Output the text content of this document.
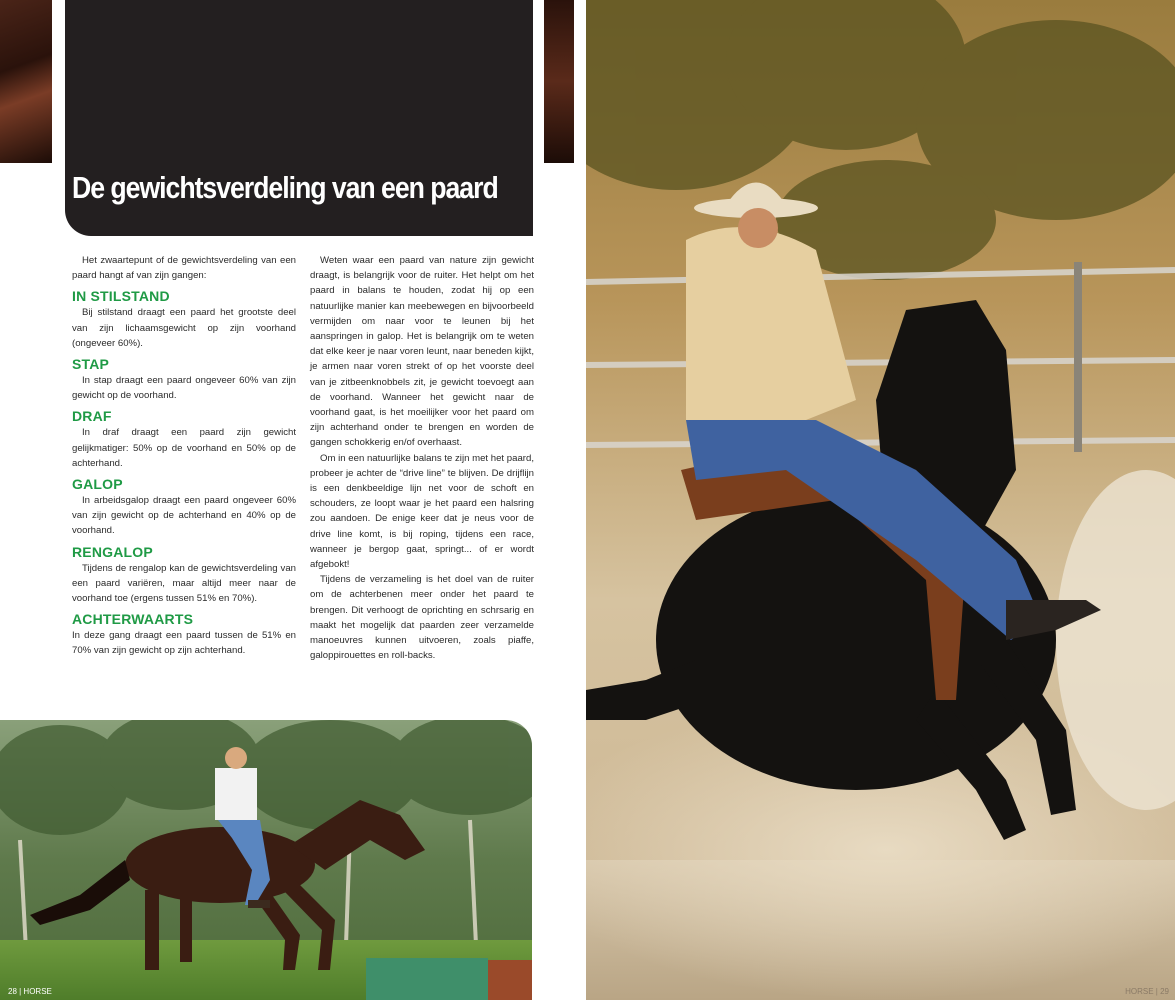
De gewichtsverdeling van een paard

Het zwaartepunt of de gewichtsverdeling van een paard hangt af van zijn gangen:

IN STILSTAND

Bij stilstand draagt een paard het grootste deel van zijn lichaamsgewicht op zijn voorhand (ongeveer 60%).

STAP

In stap draagt een paard ongeveer 60% van zijn gewicht op de voorhand.

DRAF

In draf draagt een paard zijn gewicht gelijkmatiger: 50% op de voorhand en 50% op de achterhand.

GALOP

In arbeidsgalop draagt een paard ongeveer 60% van zijn gewicht op de achterhand en 40% op de voorhand.

RENGALOP

Tijdens de rengalop kan de gewichtsverdeling van een paard variëren, maar altijd meer naar de voorhand toe (ergens tussen 51% en 70%).

ACHTERWAARTS

In deze gang draagt een paard tussen de 51% en 70% van zijn gewicht op zijn achterhand.

Weten waar een paard van nature zijn gewicht draagt, is belangrijk voor de ruiter. Het helpt om het paard in balans te houden, zodat hij op een natuurlijke manier kan meebewegen en bijvoorbeeld vermijden om naar voor te leunen bij het aanspringen in galop. Het is belangrijk om te weten dat elke keer je naar voren leunt, naar beneden kijkt, je armen naar voren strekt of op het voorste deel van je zitbeenknobbels zit, je gewicht toevoegt aan de voorhand. Wanneer het gewicht naar de voorhand gaat, is het moeilijker voor het paard om zijn achterhand onder te brengen en worden de gangen schokkerig en/of overhaast.

Om in een natuurlijke balans te zijn met het paard, probeer je achter de “drive line” te blijven. De drijflijn is een denkbeeldige lijn net voor de schoft en schouders, ze loopt waar je het paard een halsring zou aandoen. De enige keer dat je neus voor de drive line komt, is bij roping, tijdens een race, wanneer je bergop gaat, springt... of er wordt afgebokt!

Tijdens de verzameling is het doel van de ruiter om de achterbenen meer onder het paard te brengen. Dit verhoogt de oprichting en schrsarig en maakt het mogelijk dat paarden zeer verzamelde manoeuvres kunnen uitvoeren, zoals piaffe, galoppirouettes en roll-backs.

28 | HORSE	HORSE | 29
